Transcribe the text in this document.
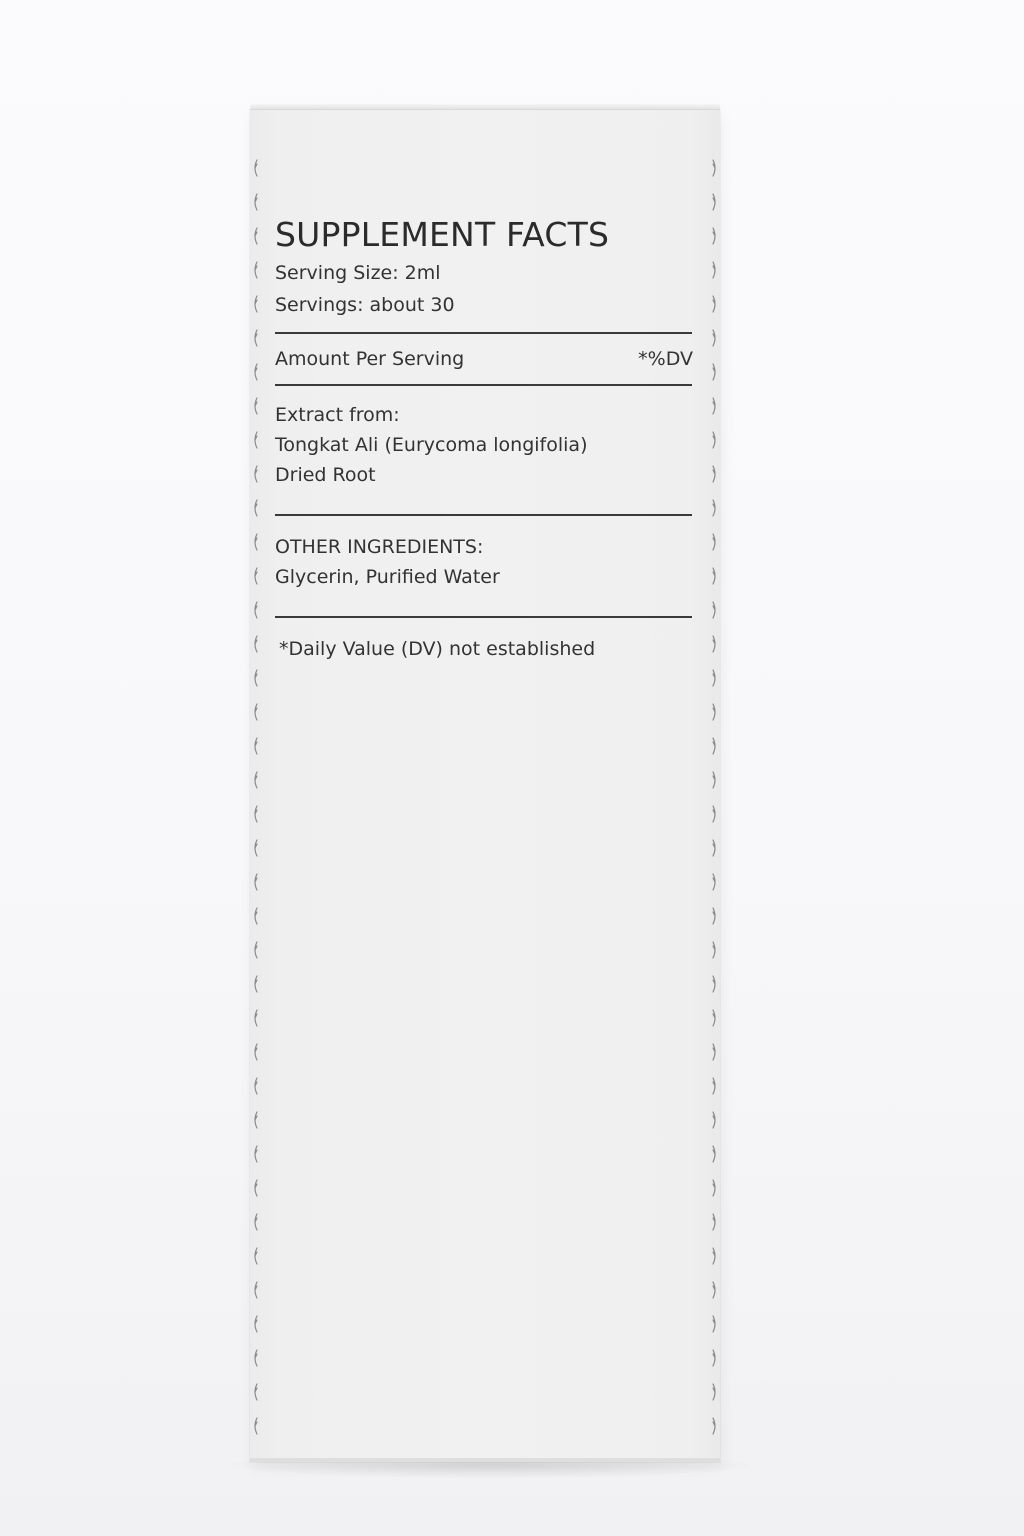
SUPPLEMENT FACTS
Serving Size: 2ml
Servings: about 30
Amount Per Serving	*%DV
Extract from:
Tongkat Ali (Eurycoma longifolia)
Dried Root
OTHER INGREDIENTS:
Glycerin, Purified Water
*Daily Value (DV) not established
